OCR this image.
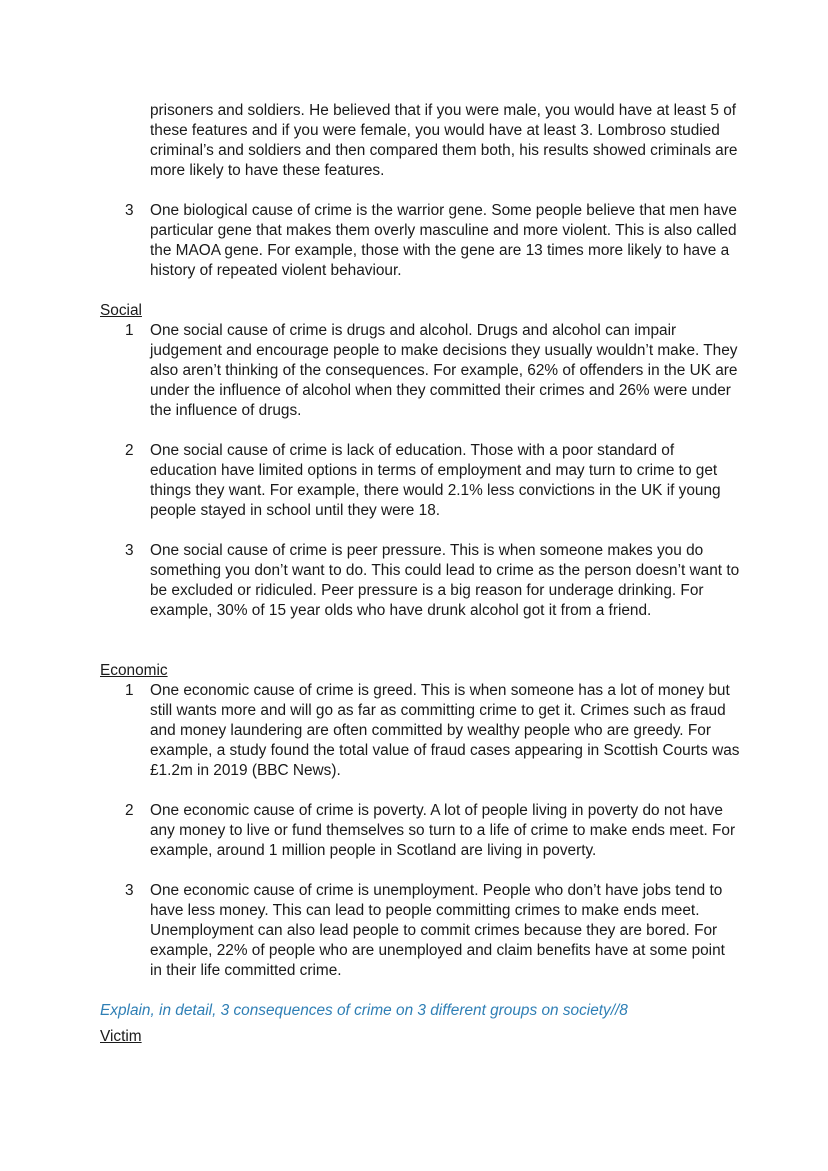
prisoners and soldiers. He believed that if you were male, you would have at least 5 of these features and if you were female, you would have at least 3. Lombroso studied criminal’s and soldiers and then compared them both, his results showed criminals are more likely to have these features.

3	One biological cause of crime is the warrior gene. Some people believe that men have particular gene that makes them overly masculine and more violent. This is also called the MAOA gene. For example, those with the gene are 13 times more likely to have a history of repeated violent behaviour.

Social

1	One social cause of crime is drugs and alcohol. Drugs and alcohol can impair judgement and encourage people to make decisions they usually wouldn’t make. They also aren’t thinking of the consequences. For example, 62% of offenders in the UK are under the influence of alcohol when they committed their crimes and 26% were under the influence of drugs.

2	One social cause of crime is lack of education. Those with a poor standard of education have limited options in terms of employment and may turn to crime to get things they want. For example, there would 2.1% less convictions in the UK if young people stayed in school until they were 18.

3	One social cause of crime is peer pressure. This is when someone makes you do something you don’t want to do. This could lead to crime as the person doesn’t want to be excluded or ridiculed. Peer pressure is a big reason for underage drinking. For example, 30% of 15 year olds who have drunk alcohol got it from a friend.

Economic

1	One economic cause of crime is greed. This is when someone has a lot of money but still wants more and will go as far as committing crime to get it. Crimes such as fraud and money laundering are often committed by wealthy people who are greedy. For example, a study found the total value of fraud cases appearing in Scottish Courts was £1.2m in 2019 (BBC News).

2	One economic cause of crime is poverty. A lot of people living in poverty do not have any money to live or fund themselves so turn to a life of crime to make ends meet. For example, around 1 million people in Scotland are living in poverty.

3	One economic cause of crime is unemployment. People who don’t have jobs tend to have less money. This can lead to people committing crimes to make ends meet. Unemployment can also lead people to commit crimes because they are bored. For example, 22% of people who are unemployed and claim benefits have at some point in their life committed crime.

Explain, in detail, 3 consequences of crime on 3 different groups on society//8

Victim
